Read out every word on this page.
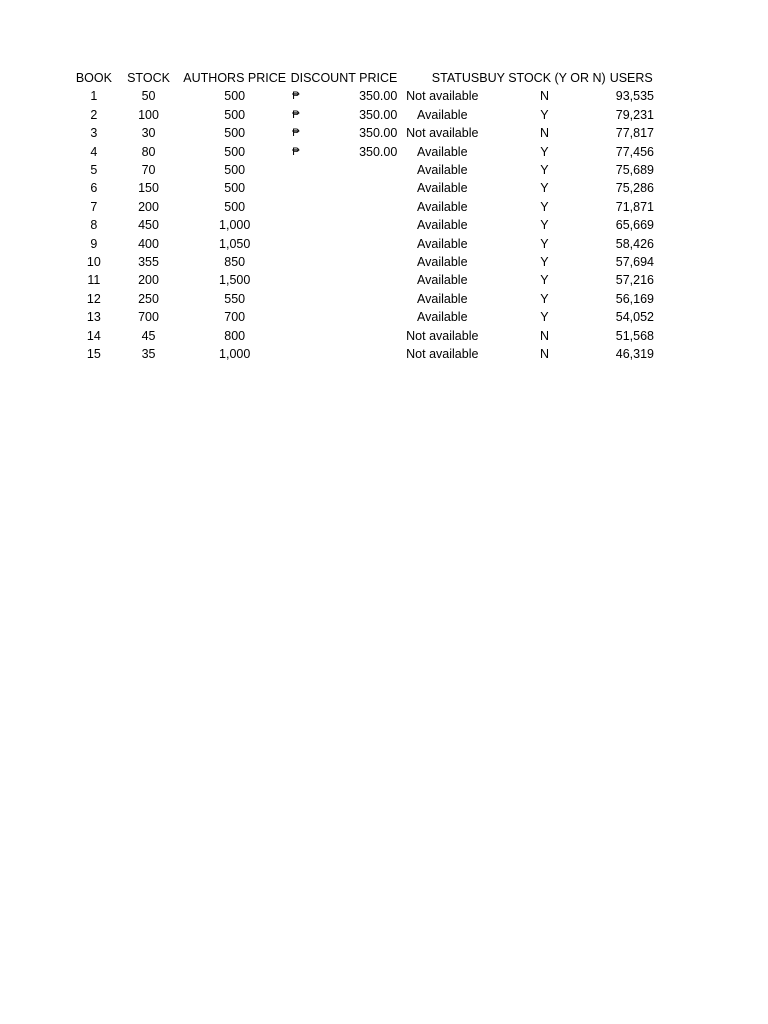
BOOK	STOCK	AUTHORS PRICE	DISCOUNT PRICE		STATUS	BUY STOCK (Y OR N)	USERS
1	50	500	₱	350.00	Not available	N	93,535
2	100	500	₱	350.00	Available	Y	79,231
3	30	500	₱	350.00	Not available	N	77,817
4	80	500	₱	350.00	Available	Y	77,456
5	70	500			Available	Y	75,689
6	150	500			Available	Y	75,286
7	200	500			Available	Y	71,871
8	450	1,000			Available	Y	65,669
9	400	1,050			Available	Y	58,426
10	355	850			Available	Y	57,694
11	200	1,500			Available	Y	57,216
12	250	550			Available	Y	56,169
13	700	700			Available	Y	54,052
14	45	800			Not available	N	51,568
15	35	1,000			Not available	N	46,319
